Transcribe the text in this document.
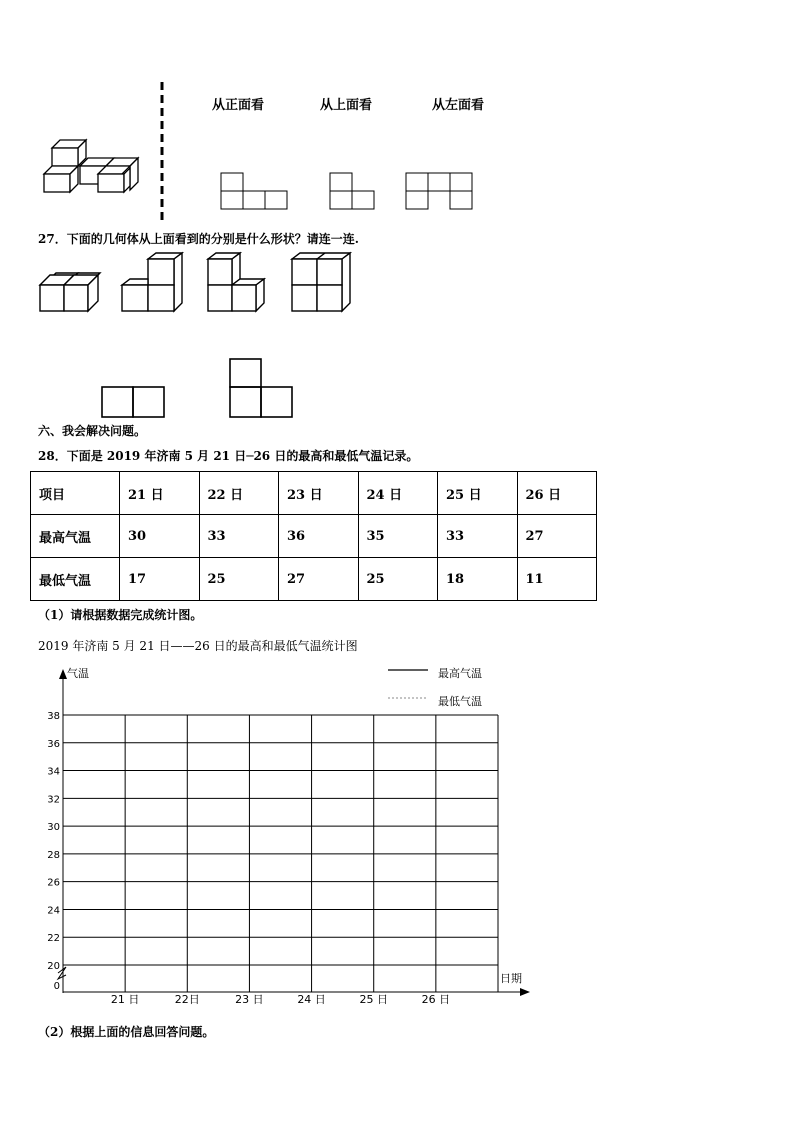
从正面看	从上面看	从左面看
27．下面的几何体从上面看到的分别是什么形状？请连一连.
六、我会解决问题。
28．下面是 2019 年济南 5 月 21 日─26 日的最高和最低气温记录。
项目	21 日	22 日	23 日	24 日	25 日	26 日
最高气温	30	33	36	35	33	27
最低气温	17	25	27	25	18	11
（1）请根据数据完成统计图。
2019 年济南 5 月 21 日——26 日的最高和最低气温统计图
38
36
34
32
30
28
26
24
22
20
0
21 日	22日	23 日	24 日	25 日	26 日
气温
日期
最高气温
最低气温
（2）根据上面的信息回答问题。
